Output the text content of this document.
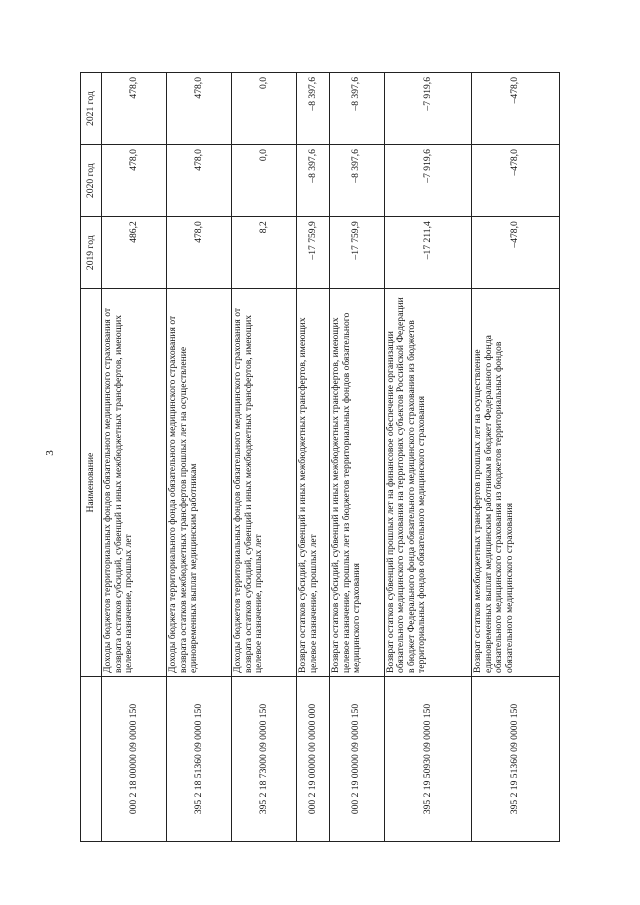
3
		Наименование	2019 год	2020 год	2021 год
000 2 18 00000 09 0000 150	Доходы бюджетов территориальных фондов обязательного медицинского страхования от возврата остатков субсидий, субвенций и иных межбюджетных трансфертов, имеющих целевое назначение, прошлых лет	486,2	478,0	478,0
395 2 18 51360 09 0000 150	Доходы бюджета территориального фонда обязательного медицинского страхования от возврата остатков межбюджетных трансфертов прошлых лет на осуществление единовременных выплат медицинским работникам	478,0	478,0	478,0
395 2 18 73000 09 0000 150	Доходы бюджетов территориальных фондов обязательного медицинского страхования от возврата остатков субсидий, субвенций и иных межбюджетных трансфертов, имеющих целевое назначение, прошлых лет	8,2	0,0	0,0
000 2 19 00000 00 0000 000	Возврат остатков субсидий, субвенций и иных межбюджетных трансфертов, имеющих целевое назначение, прошлых лет	–17 759,9	–8 397,6	–8 397,6
000 2 19 00000 09 0000 150	Возврат остатков субсидий, субвенций и иных межбюджетных трансфертов, имеющих целевое назначение, прошлых лет из бюджетов территориальных фондов обязательного медицинского страхования	–17 759,9	–8 397,6	–8 397,6
395 2 19 50930 09 0000 150	Возврат остатков субвенций прошлых лет на финансовое обеспечение организации обязательного медицинского страхования на территориях субъектов Российской Федерации в бюджет Федерального фонда обязательного медицинского страхования из бюджетов территориальных фондов обязательного медицинского страхования	–17 211,4	–7 919,6	–7 919,6
395 2 19 51360 09 0000 150	Возврат остатков межбюджетных трансфертов прошлых лет на осуществление единовременных выплат медицинским работникам в бюджет Федерального фонда обязательного медицинского страхования из бюджетов территориальных фондов обязательного медицинского страхования	–478,0	–478,0	–478,0
